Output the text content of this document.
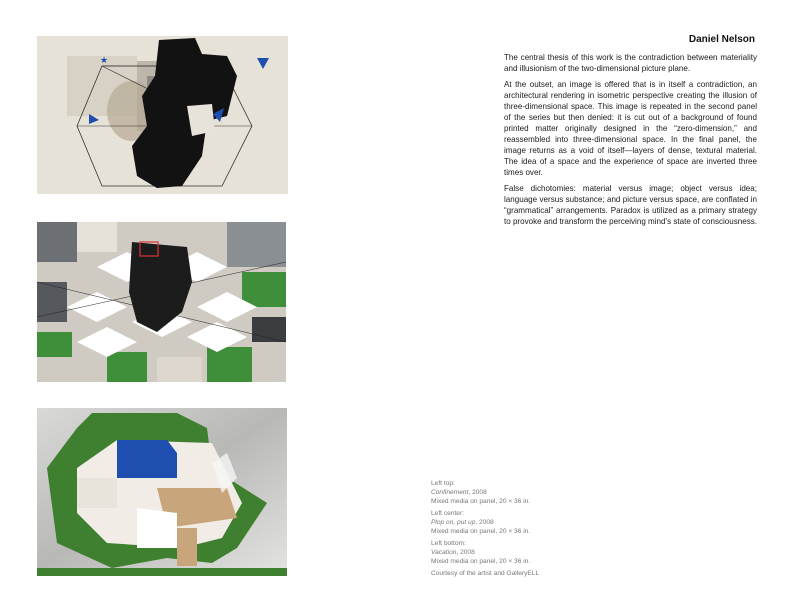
★
Daniel Nelson

The central thesis of this work is the contradiction between materiality and illusionism of the two-dimensional picture plane.

At the outset, an image is offered that is in itself a contradiction, an architectural rendering in isometric perspective creating the illusion of three-dimensional space. This image is repeated in the second panel of the series but then denied: it is cut out of a background of found printed matter originally designed in the “zero-dimension,” and reassembled into three-dimensional space. In the final panel, the image returns as a void of itself—layers of dense, textural material. The idea of a space and the experience of space are inverted three times over.

False dichotomies: material versus image; object versus idea; language versus substance; and picture versus space, are conflated in “grammatical” arrangements. Paradox is utilized as a primary strategy to provoke and transform the perceiving mind’s state of consciousness.

Left top:
Confinement, 2008
Mixed media on panel, 20 × 36 in.
Left center:
Plop on, put up, 2008
Mixed media on panel, 20 × 36 in.
Left bottom:
Vacation, 2008
Mixed media on panel, 20 × 36 in.
Courtesy of the artist and GalleryELL
